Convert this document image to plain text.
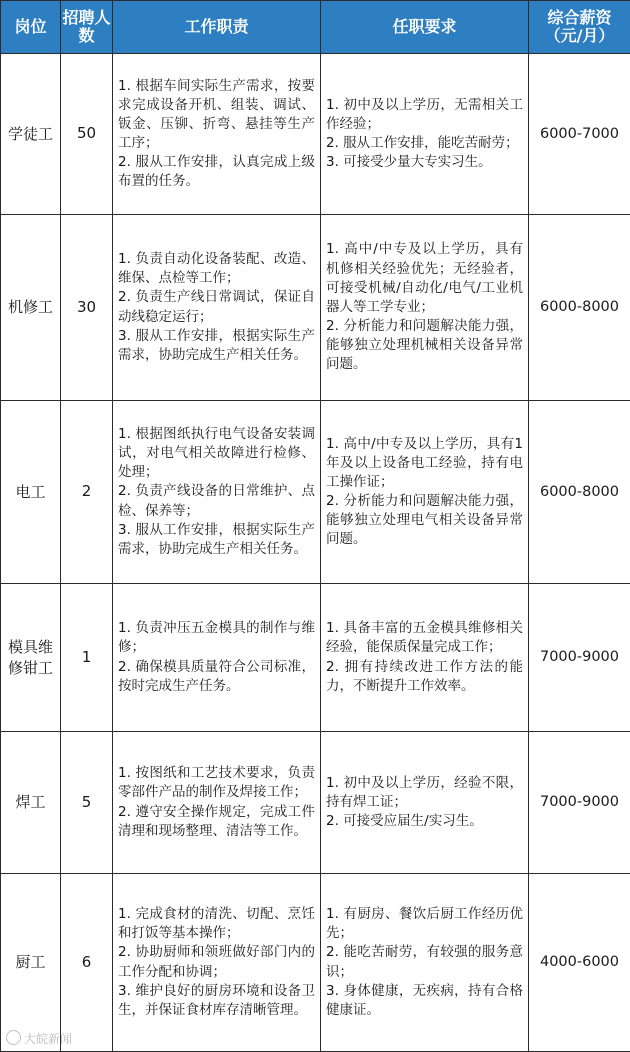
岗位	招聘人数	工作职责	任职要求	综合薪资（元/月）
学徒工	50	1. 根据车间实际生产需求，按要求完成设备开机、组装、调试、钣金、压铆、折弯、悬挂等生产工序；
2. 服从工作安排，认真完成上级布置的任务。	1. 初中及以上学历，无需相关工作经验；
2. 服从工作安排，能吃苦耐劳；
3. 可接受少量大专实习生。	6000-7000
机修工	30	1. 负责自动化设备装配、改造、维保、点检等工作；
2. 负责生产线日常调试，保证自动线稳定运行；
3. 服从工作安排，根据实际生产需求，协助完成生产相关任务。	1. 高中/中专及以上学历，具有机修相关经验优先；无经验者，可接受机械/自动化/电气/工业机器人等工学专业；
2. 分析能力和问题解决能力强，能够独立处理机械相关设备异常问题。	6000-8000
电工	2	1. 根据图纸执行电气设备安装调试，对电气相关故障进行检修、处理；
2. 负责产线设备的日常维护、点检、保养等；
3. 服从工作安排，根据实际生产需求，协助完成生产相关任务。	1. 高中/中专及以上学历，具有1年及以上设备电工经验，持有电工操作证；
2. 分析能力和问题解决能力强，能够独立处理电气相关设备异常问题。	6000-8000
模具维修钳工	1	1. 负责冲压五金模具的制作与维修；
2. 确保模具质量符合公司标准，按时完成生产任务。	1. 具备丰富的五金模具维修相关经验，能保质保量完成工作；
2. 拥有持续改进工作方法的能力，不断提升工作效率。	7000-9000
焊工	5	1. 按图纸和工艺技术要求，负责零部件产品的制作及焊接工作；
2. 遵守安全操作规定，完成工件清理和现场整理、清洁等工作。	1. 初中及以上学历，经验不限，持有焊工证；
2. 可接受应届生/实习生。	7000-9000
厨工	6	1. 完成食材的清洗、切配、烹饪和打饭等基本操作；
2. 协助厨师和领班做好部门内的工作分配和协调；
3. 维护良好的厨房环境和设备卫生，并保证食材库存清晰管理。	1. 有厨房、餐饮后厨工作经历优先；
2. 能吃苦耐劳，有较强的服务意识；
3. 身体健康，无疾病，持有合格健康证。	4000-6000
大皖新闻
